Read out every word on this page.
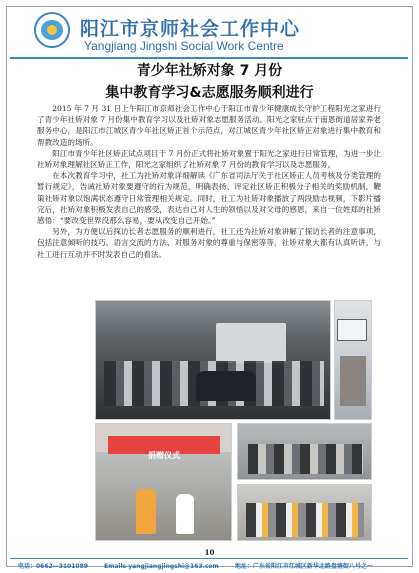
阳江市京师社会工作中心
Yangjiang Jingshi Social Work Centre
青少年社矫对象 7 月份
集中教育学习&志愿服务顺利进行

2015 年 7 月 31 日上午阳江市京师社会工作中心于阳江市青少年健康成长守护工程阳光之家进行了青少年社矫对象 7 月份集中教育学习以及社矫对象志愿服务活动。阳光之家驻点于南恩街道居家养老服务中心，是阳江市江城区青少年社区矫正首个示范点，对江城区青少年社区矫正对象进行集中教育和帮教改造的场所。

阳江市青少年社区矫正试点项目于 7 月份正式将社矫对象置于阳光之家进行日常管理，为进一步让社矫对象理解社区矫正工作，阳光之家组织了社矫对象 7 月份的教育学习以及志愿服务。

在本次教育学习中，社工为社矫对象详细解读《广东省司法厅关于社区矫正人员考核及分类管理的暂行规定》，告诫社矫对象要遵守的行为规范，明确表扬、评定社区矫正积极分子相关的奖励机制，鞭策社矫对象以饱满状态遵守日常管理相关规定。同时，社工为社矫对象播放了两段励志视频，下影片播完后，社矫对象积极发表自己的感受，表达自己对人生的领悟以及对父母的感恩，来自一位姓郑的社矫感悟：“要改变世界没那么容易，要从改变自己开始。”

另外，为方便以后探访长者志愿服务的顺利进行，社工还为社矫对象讲解了探访长者的注意事项，包括注意倾听的技巧、语言交流的方法、对服务对象的尊重与保密等等，社矫对象大都有认真听讲，与社工进行互动并不时发表自己的看法。

捐赠仪式
10
电话：0662—3101089	Emails yangjiangjingshi@163.com	地址：广东省阳江市江城区新华北路盘塘街八号之一
